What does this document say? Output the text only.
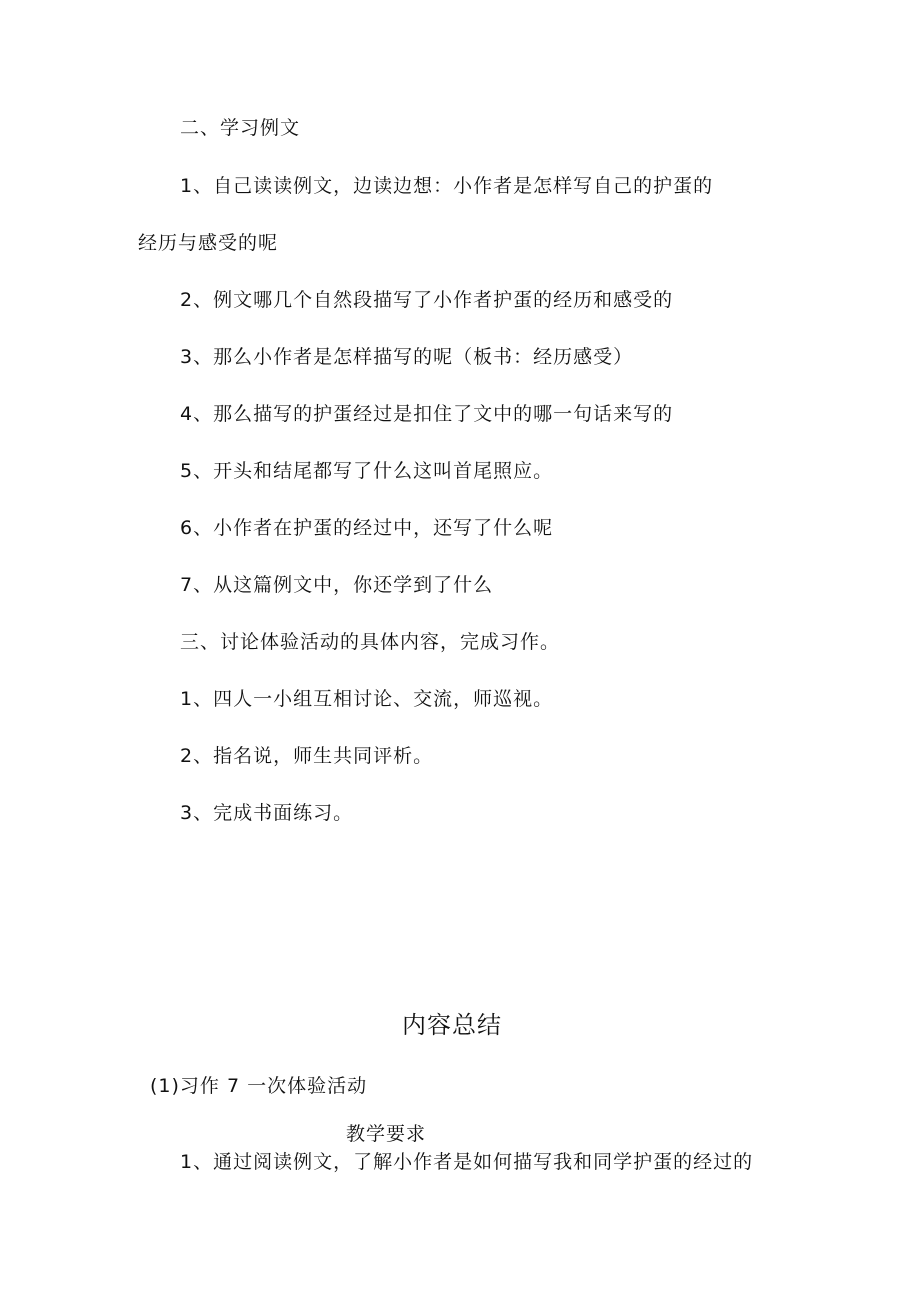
二、学习例文
1、自己读读例文，边读边想：小作者是怎样写自己的护蛋的
经历与感受的呢
2、例文哪几个自然段描写了小作者护蛋的经历和感受的
3、那么小作者是怎样描写的呢（板书：经历感受）
4、那么描写的护蛋经过是扣住了文中的哪一句话来写的
5、开头和结尾都写了什么这叫首尾照应。
6、小作者在护蛋的经过中，还写了什么呢
7、从这篇例文中，你还学到了什么
三、讨论体验活动的具体内容，完成习作。
1、四人一小组互相讨论、交流，师巡视。
2、指名说，师生共同评析。
3、完成书面练习。
内容总结
(1)习作 7 一次体验活动
教学要求
1、通过阅读例文，了解小作者是如何描写我和同学护蛋的经过的
